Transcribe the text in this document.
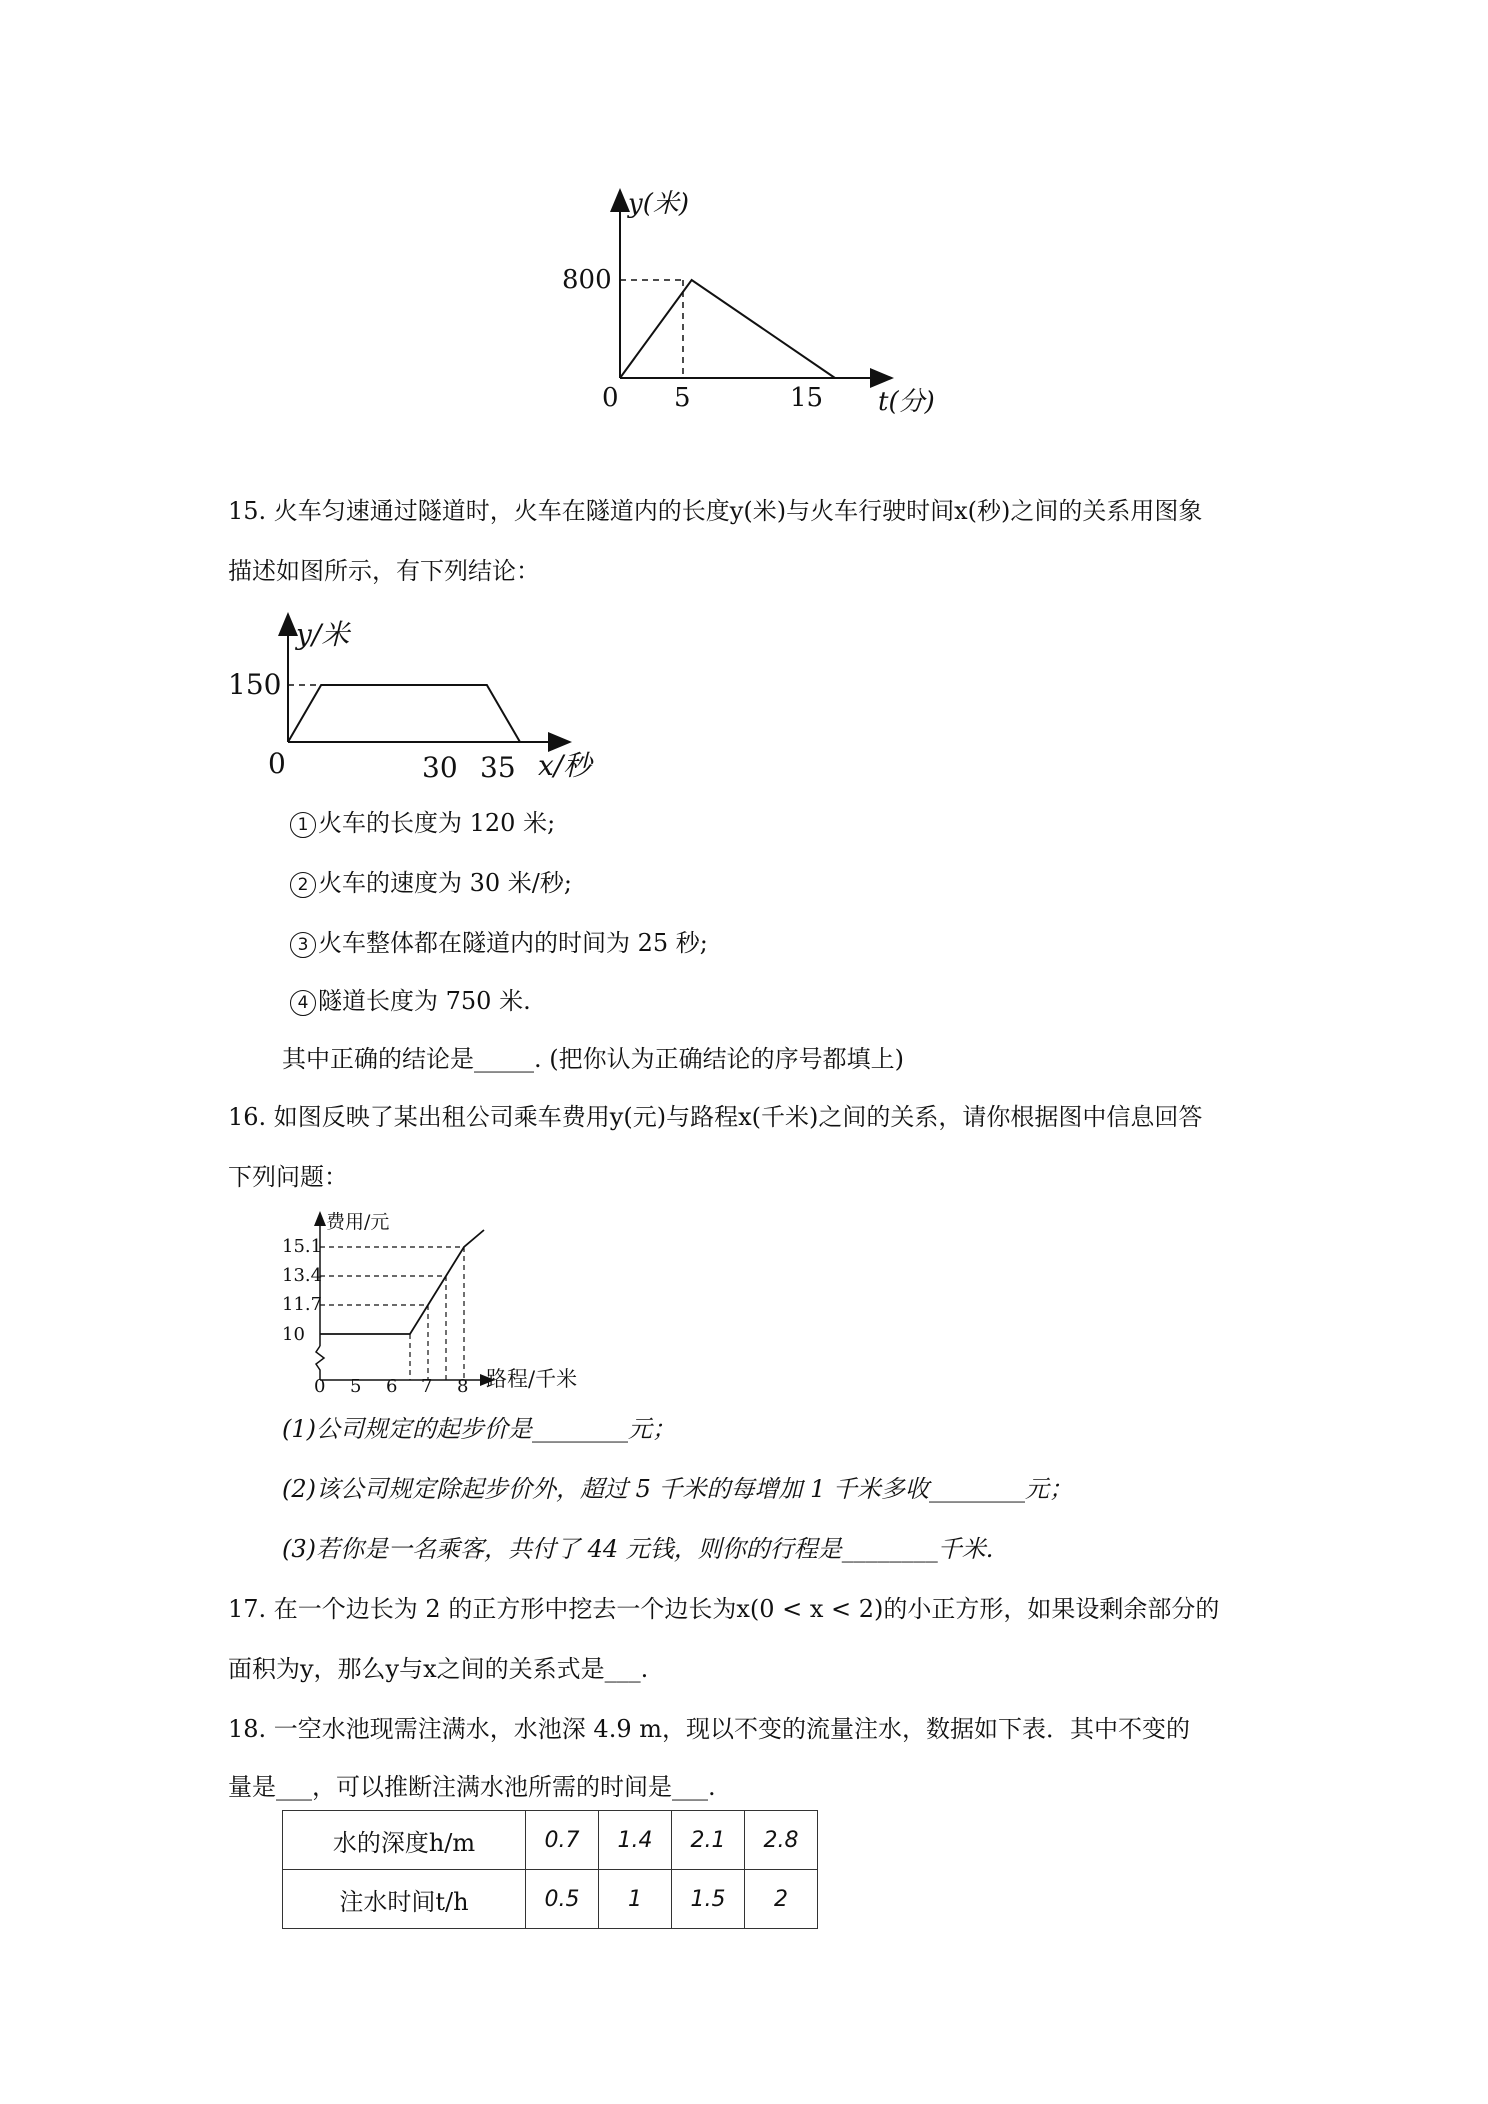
y(米)
t(分)
0
800
5	15
15. 火车匀速通过隧道时，火车在隧道内的长度y(米)与火车行驶时间x(秒)之间的关系用图象
描述如图所示，有下列结论：
y/米
x/秒
0
150
30 35
1 火车的长度为 120 米;
2 火车的速度为 30 米/秒;
3 火车整体都在隧道内的时间为 25 秒;
4 隧道长度为 750 米.
其中正确的结论是_____. (把你认为正确结论的序号都填上)
16. 如图反映了某出租公司乘车费用y(元)与路程x(千米)之间的关系，请你根据图中信息回答
下列问题：
费用/元
路程/千米
0
10
11.7
13.4
15.1
5 6 7 8
(1)公司规定的起步价是________元；
(2)该公司规定除起步价外，超过 5 千米的每增加 1 千米多收________元；
(3)若你是一名乘客，共付了 44 元钱，则你的行程是________千米.
17. 在一个边长为 2 的正方形中挖去一个边长为x(0 < x < 2)的小正方形，如果设剩余部分的
面积为y，那么y与x之间的关系式是___.
18. 一空水池现需注满水，水池深 4.9 m，现以不变的流量注水，数据如下表．其中不变的
量是___，可以推断注满水池所需的时间是___.
水的深度h/m	0.7	1.4	2.1	2.8
注水时间t/h	0.5	1	1.5	2
